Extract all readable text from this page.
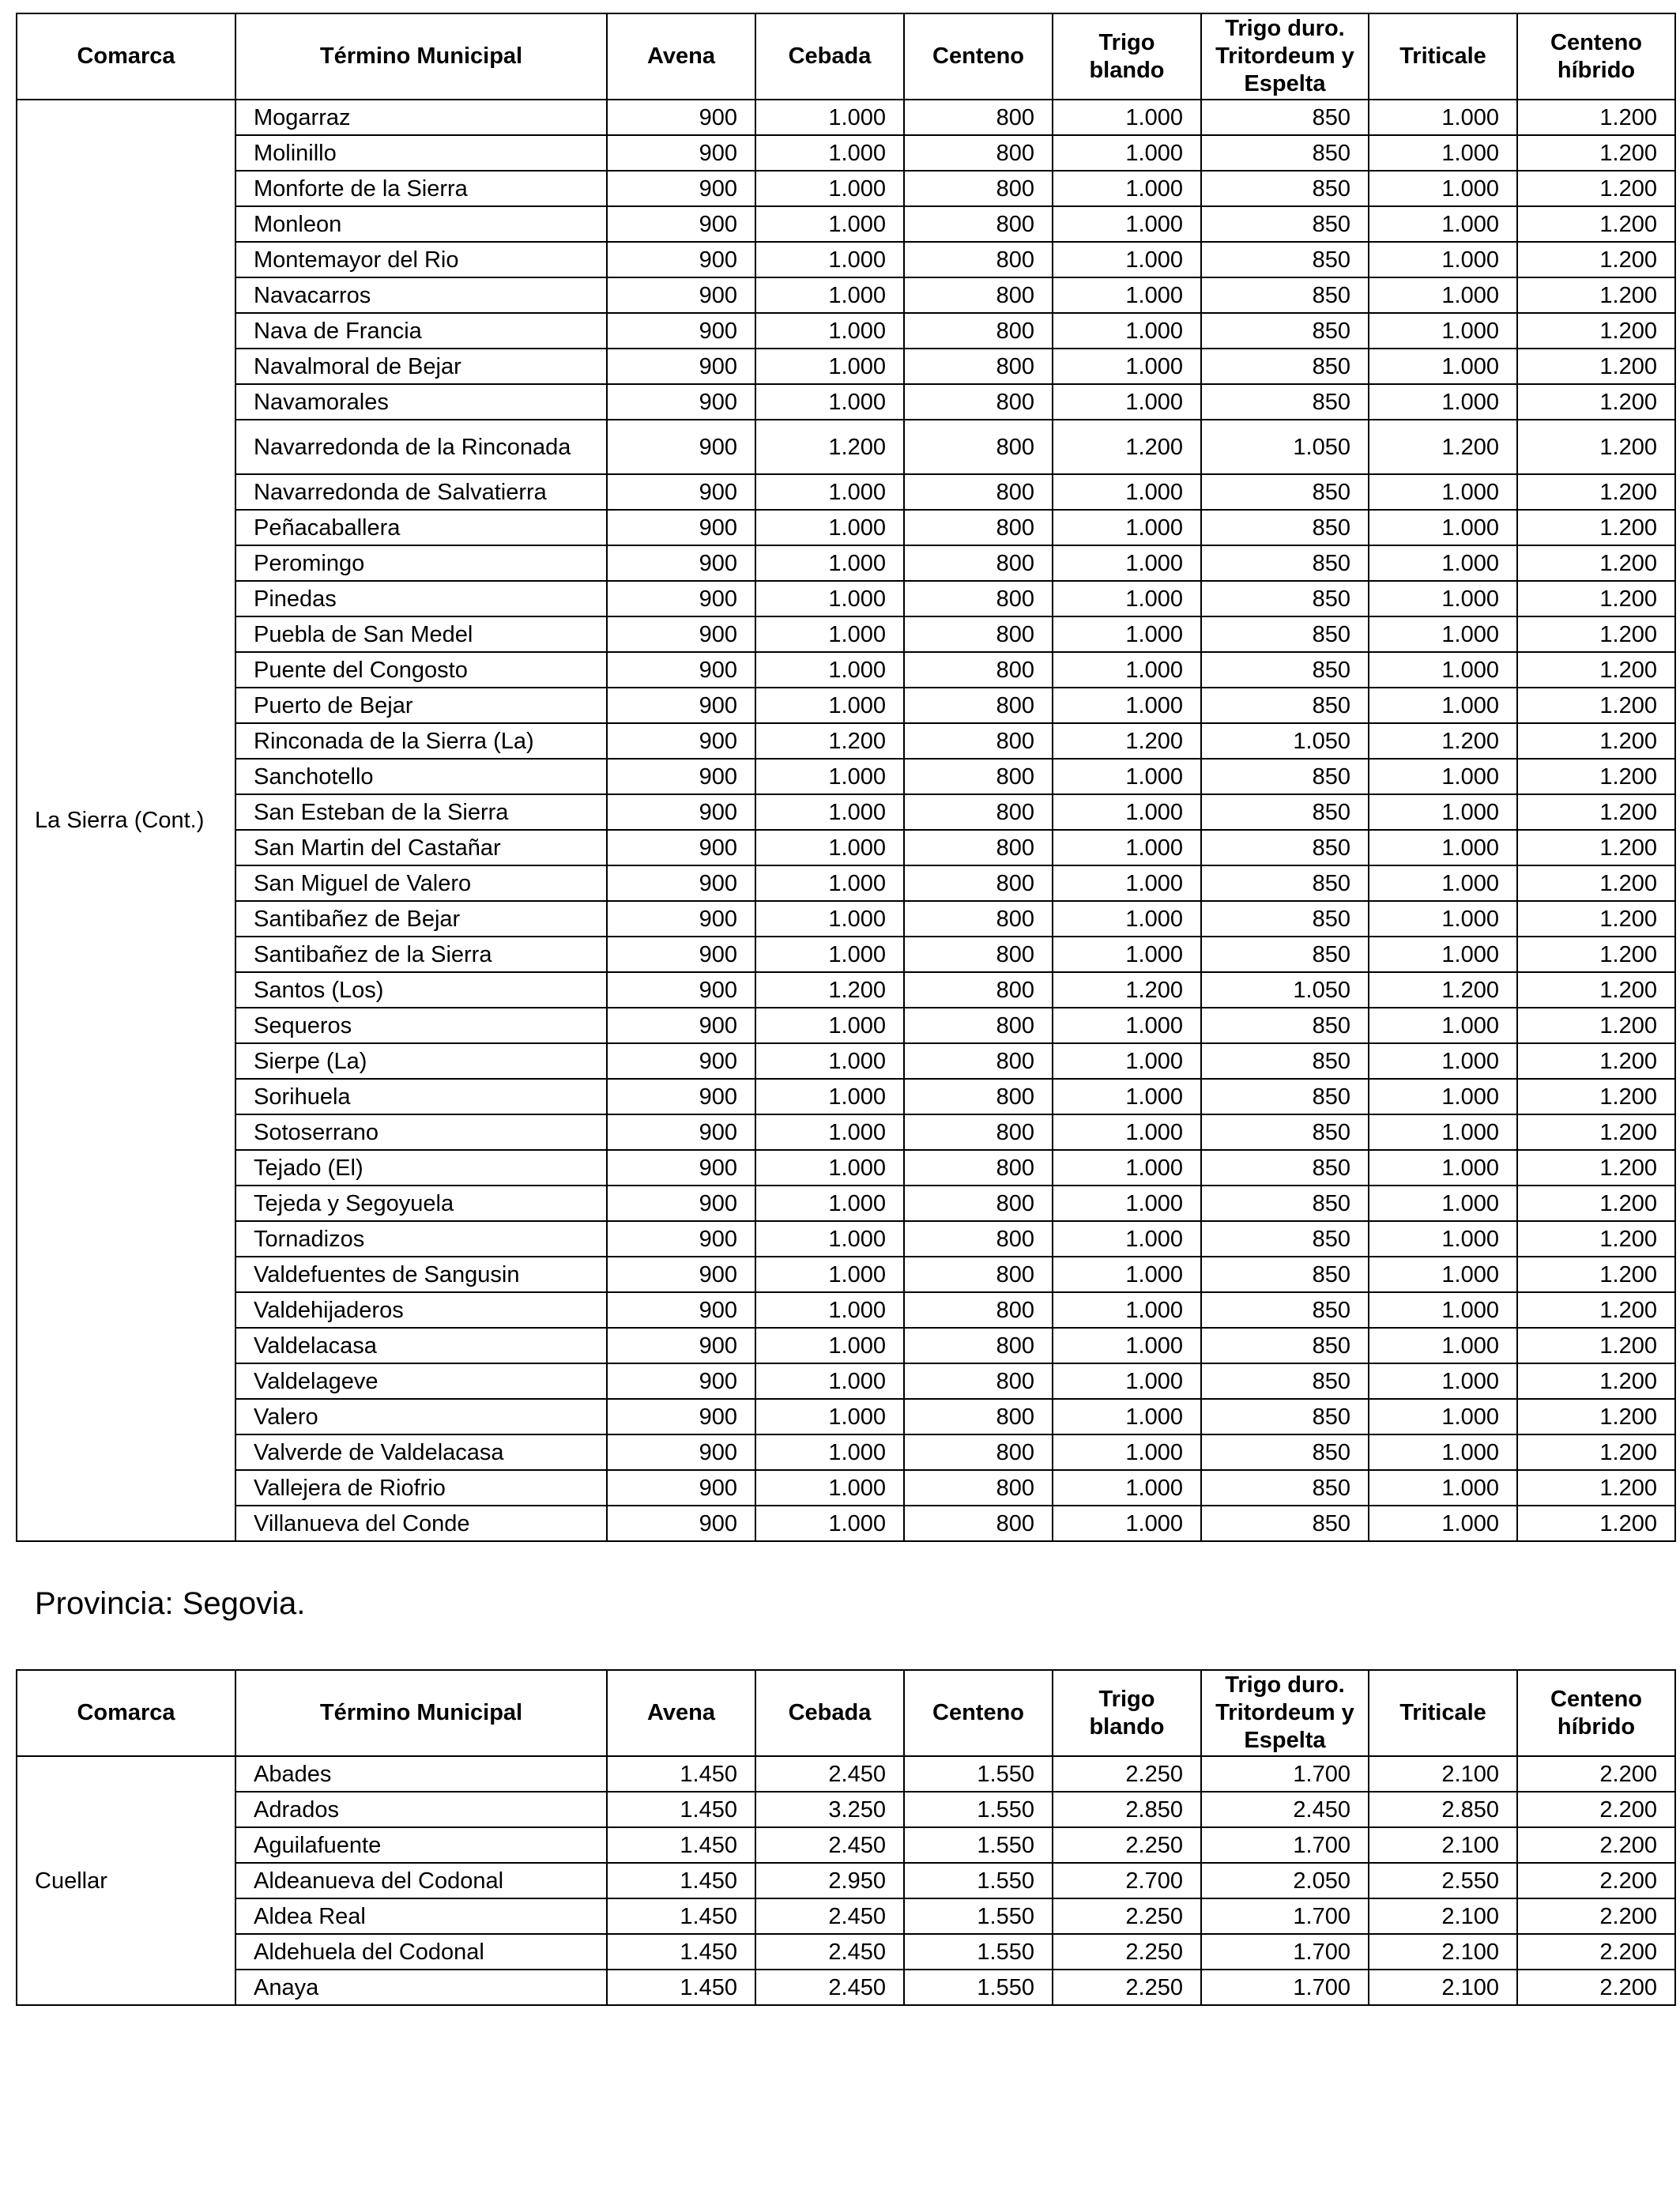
Comarca	Término Municipal	Avena	Cebada	Centeno	Trigo blando	Trigo duro. Tritordeum y Espelta	Triticale	Centeno híbrido
La Sierra (Cont.)	Mogarraz	900	1.000	800	1.000	850	1.000	1.200
	Molinillo	900	1.000	800	1.000	850	1.000	1.200
	Monforte de la Sierra	900	1.000	800	1.000	850	1.000	1.200
	Monleon	900	1.000	800	1.000	850	1.000	1.200
	Montemayor del Rio	900	1.000	800	1.000	850	1.000	1.200
	Navacarros	900	1.000	800	1.000	850	1.000	1.200
	Nava de Francia	900	1.000	800	1.000	850	1.000	1.200
	Navalmoral de Bejar	900	1.000	800	1.000	850	1.000	1.200
	Navamorales	900	1.000	800	1.000	850	1.000	1.200
	Navarredonda de la Rinconada	900	1.200	800	1.200	1.050	1.200	1.200
	Navarredonda de Salvatierra	900	1.000	800	1.000	850	1.000	1.200
	Peñacaballera	900	1.000	800	1.000	850	1.000	1.200
	Peromingo	900	1.000	800	1.000	850	1.000	1.200
	Pinedas	900	1.000	800	1.000	850	1.000	1.200
	Puebla de San Medel	900	1.000	800	1.000	850	1.000	1.200
	Puente del Congosto	900	1.000	800	1.000	850	1.000	1.200
	Puerto de Bejar	900	1.000	800	1.000	850	1.000	1.200
	Rinconada de la Sierra (La)	900	1.200	800	1.200	1.050	1.200	1.200
	Sanchotello	900	1.000	800	1.000	850	1.000	1.200
	San Esteban de la Sierra	900	1.000	800	1.000	850	1.000	1.200
	San Martin del Castañar	900	1.000	800	1.000	850	1.000	1.200
	San Miguel de Valero	900	1.000	800	1.000	850	1.000	1.200
	Santibañez de Bejar	900	1.000	800	1.000	850	1.000	1.200
	Santibañez de la Sierra	900	1.000	800	1.000	850	1.000	1.200
	Santos (Los)	900	1.200	800	1.200	1.050	1.200	1.200
	Sequeros	900	1.000	800	1.000	850	1.000	1.200
	Sierpe (La)	900	1.000	800	1.000	850	1.000	1.200
	Sorihuela	900	1.000	800	1.000	850	1.000	1.200
	Sotoserrano	900	1.000	800	1.000	850	1.000	1.200
	Tejado (El)	900	1.000	800	1.000	850	1.000	1.200
	Tejeda y Segoyuela	900	1.000	800	1.000	850	1.000	1.200
	Tornadizos	900	1.000	800	1.000	850	1.000	1.200
	Valdefuentes de Sangusin	900	1.000	800	1.000	850	1.000	1.200
	Valdehijaderos	900	1.000	800	1.000	850	1.000	1.200
	Valdelacasa	900	1.000	800	1.000	850	1.000	1.200
	Valdelageve	900	1.000	800	1.000	850	1.000	1.200
	Valero	900	1.000	800	1.000	850	1.000	1.200
	Valverde de Valdelacasa	900	1.000	800	1.000	850	1.000	1.200
	Vallejera de Riofrio	900	1.000	800	1.000	850	1.000	1.200
	Villanueva del Conde	900	1.000	800	1.000	850	1.000	1.200
Provincia: Segovia.
Comarca	Término Municipal	Avena	Cebada	Centeno	Trigo blando	Trigo duro. Tritordeum y Espelta	Triticale	Centeno híbrido
Cuellar	Abades	1.450	2.450	1.550	2.250	1.700	2.100	2.200
	Adrados	1.450	3.250	1.550	2.850	2.450	2.850	2.200
	Aguilafuente	1.450	2.450	1.550	2.250	1.700	2.100	2.200
	Aldeanueva del Codonal	1.450	2.950	1.550	2.700	2.050	2.550	2.200
	Aldea Real	1.450	2.450	1.550	2.250	1.700	2.100	2.200
	Aldehuela del Codonal	1.450	2.450	1.550	2.250	1.700	2.100	2.200
	Anaya	1.450	2.450	1.550	2.250	1.700	2.100	2.200
